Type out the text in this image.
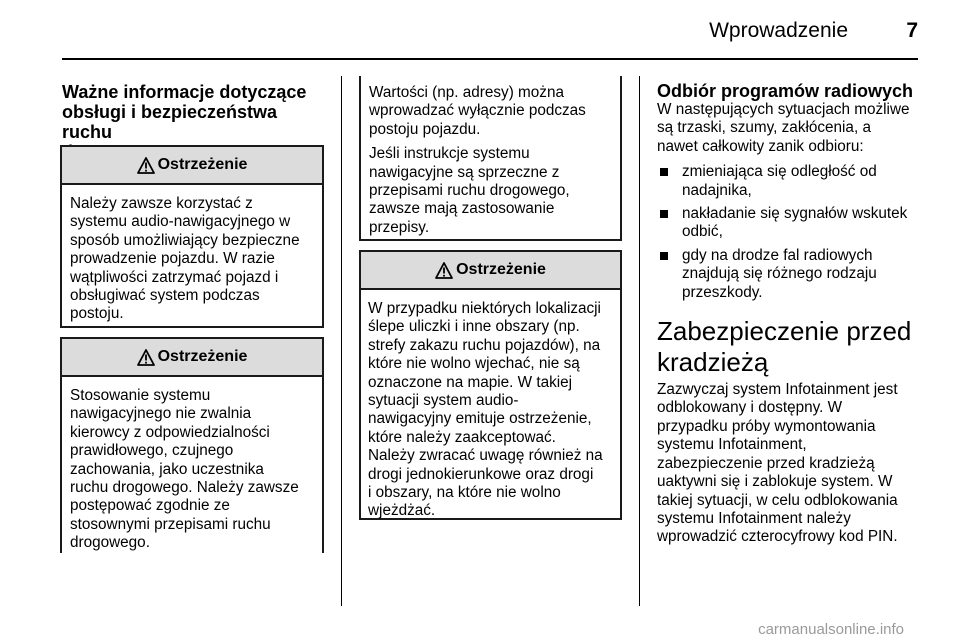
Wprowadzenie	7
Ważne informacje dotyczące
obsługi i bezpieczeństwa ruchu

Ostrzeżenie
Należy zawsze korzystać z
systemu audio-nawigacyjnego w
sposób umożliwiający bezpieczne
prowadzenie pojazdu. W razie
wątpliwości zatrzymać pojazd i
obsługiwać system podczas
postoju.
Ostrzeżenie
Stosowanie systemu
nawigacyjnego nie zwalnia
kierowcy z odpowiedzialności
prawidłowego, czujnego
zachowania, jako uczestnika
ruchu drogowego. Należy zawsze
postępować zgodnie ze
stosownymi przepisami ruchu
drogowego.

Wartości (np. adresy) można
wprowadzać wyłącznie podczas
postoju pojazdu.

Jeśli instrukcje systemu
nawigacyjne są sprzeczne z
przepisami ruchu drogowego,
zawsze mają zastosowanie
przepisy.

Ostrzeżenie
W przypadku niektórych lokalizacji
ślepe uliczki i inne obszary (np.
strefy zakazu ruchu pojazdów), na
które nie wolno wjechać, nie są
oznaczone na mapie. W takiej
sytuacji system audio-
nawigacyjny emituje ostrzeżenie,
które należy zaakceptować.
Należy zwracać uwagę również na
drogi jednokierunkowe oraz drogi
i obszary, na które nie wolno
wjeżdżać.
Odbiór programów radiowych

W następujących sytuacjach możliwe
są trzaski, szumy, zakłócenia, a
nawet całkowity zanik odbioru:

zmieniająca się odległość od
nadajnika,
nakładanie się sygnałów wskutek
odbić,
gdy na drodze fal radiowych
znajdują się różnego rodzaju
przeszkody.
Zabezpieczenie przed
kradzieżą

Zazwyczaj system Infotainment jest
odblokowany i dostępny. W
przypadku próby wymontowania
systemu Infotainment,
zabezpieczenie przed kradzieżą
uaktywni się i zablokuje system. W
takiej sytuacji, w celu odblokowania
systemu Infotainment należy
wprowadzić czterocyfrowy kod PIN.

carmanualsonline.info
